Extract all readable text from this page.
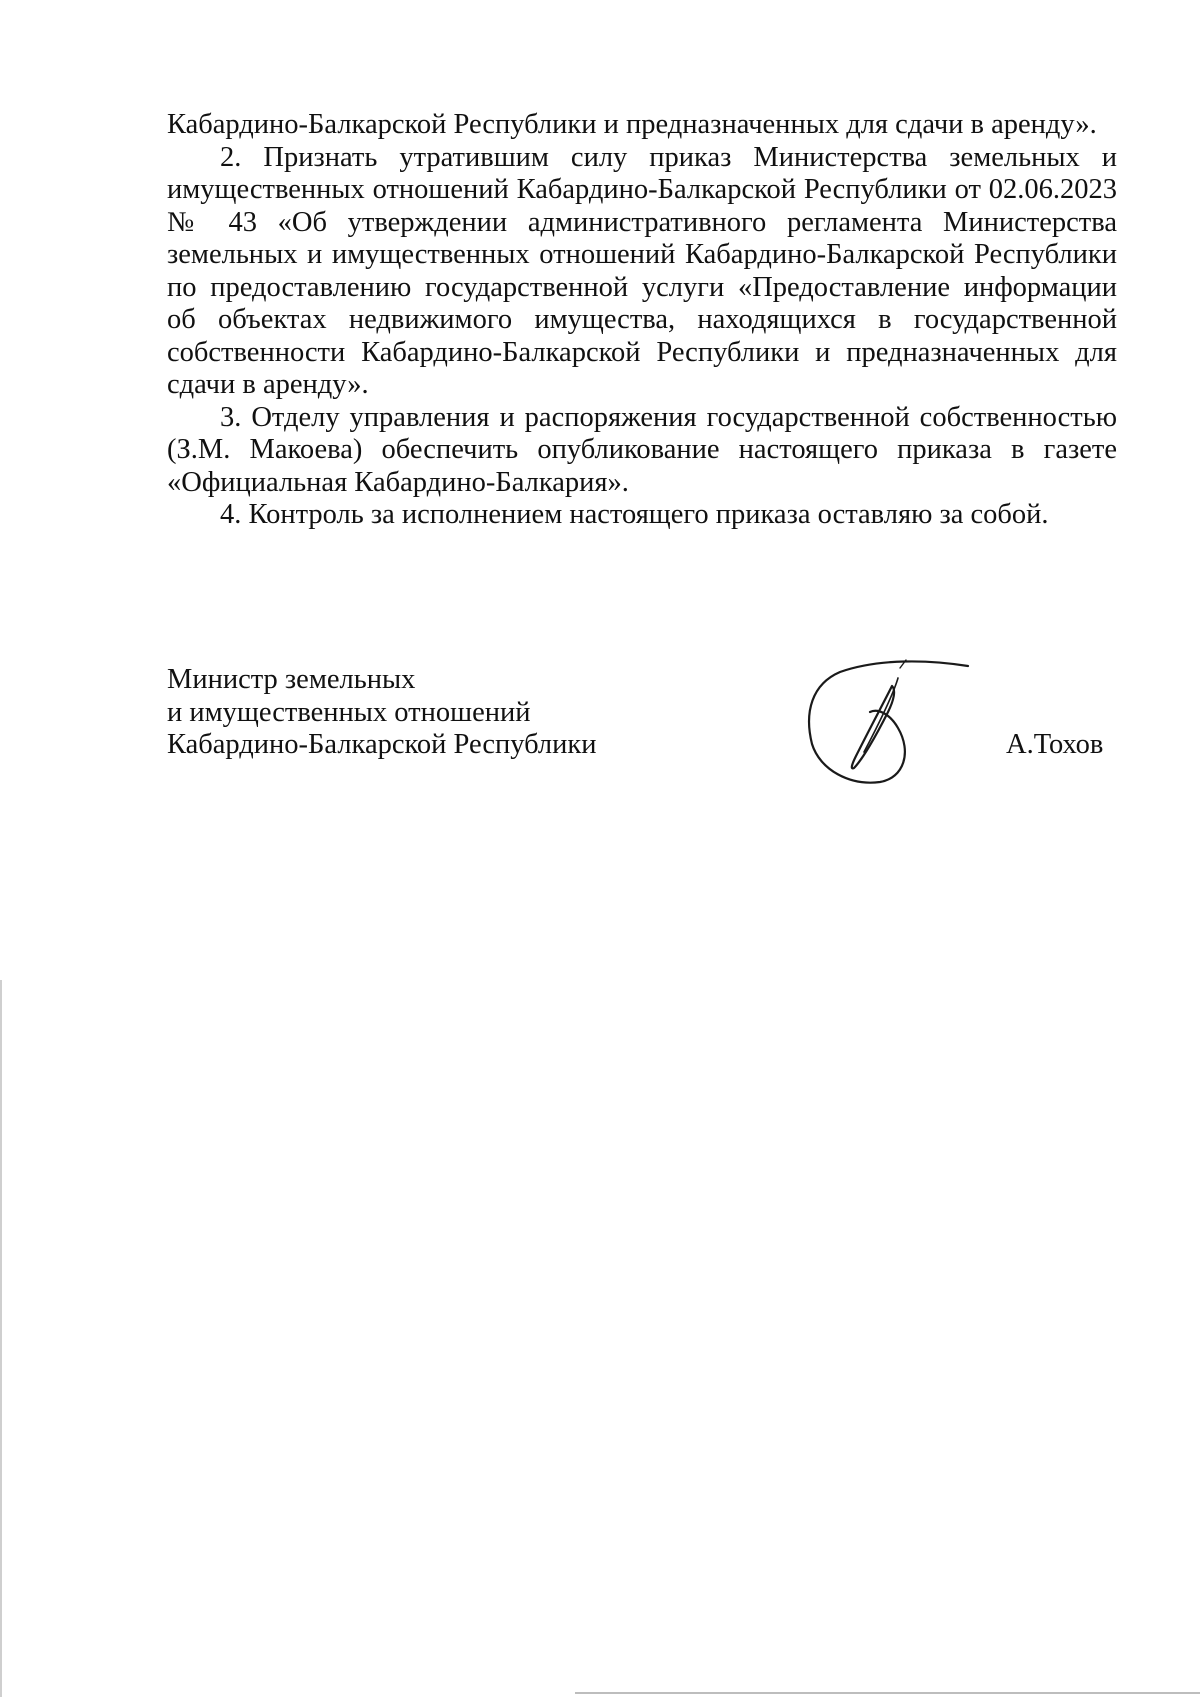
Кабардино-Балкарской Республики и предназначенных для сдачи в аренду».

2. Признать утратившим силу приказ Министерства земельных и имущественных отношений Кабардино-Балкарской Республики от 02.06.2023 № 43 «Об утверждении административного регламента Министерства земельных и имущественных отношений Кабардино-Балкарской Республики по предоставлению государственной услуги «Предоставление информации об объектах недвижимого имущества, находящихся в государственной собственности Кабардино-Балкарской Республики и предназначенных для сдачи в аренду».

3. Отделу управления и распоряжения государственной собственностью (З.М. Макоева) обеспечить опубликование настоящего приказа в газете «Официальная Кабардино-Балкария».

4. Контроль за исполнением настоящего приказа оставляю за собой.

Министр земельных
и имущественных отношений
Кабардино-Балкарской Республики	А.Тохов
